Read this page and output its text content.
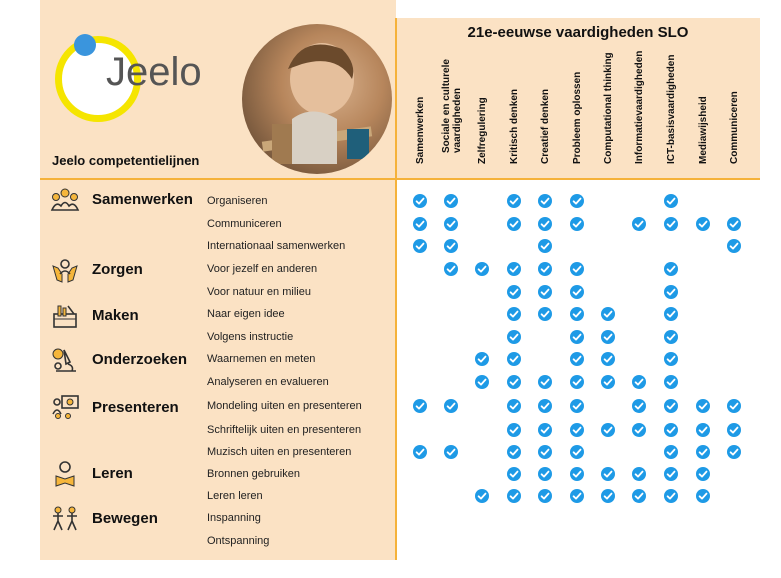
Jeelo
21e-eeuwse vaardigheden SLO
Jeelo competentielijnen	Samenwerken Sociale en culturele
vaardigheden Zelfregulering Kritisch denken Creatief denken Probleem oplossen Computational thinking Informatievaardigheden ICT-basisvaardigheden Mediawijsheid Communiceren
Samenwerken
Zorgen
Maken
Onderzoeken
Presenteren
Leren
Bewegen
Organiseren
Communiceren
Internationaal samenwerken
Voor jezelf en anderen
Voor natuur en milieu
Naar eigen idee
Volgens instructie
Waarnemen en meten
Analyseren en evalueren
Mondeling uiten en presenteren
Schriftelijk uiten en presenteren
Muzisch uiten en presenteren
Bronnen gebruiken
Leren leren
Inspanning
Ontspanning
